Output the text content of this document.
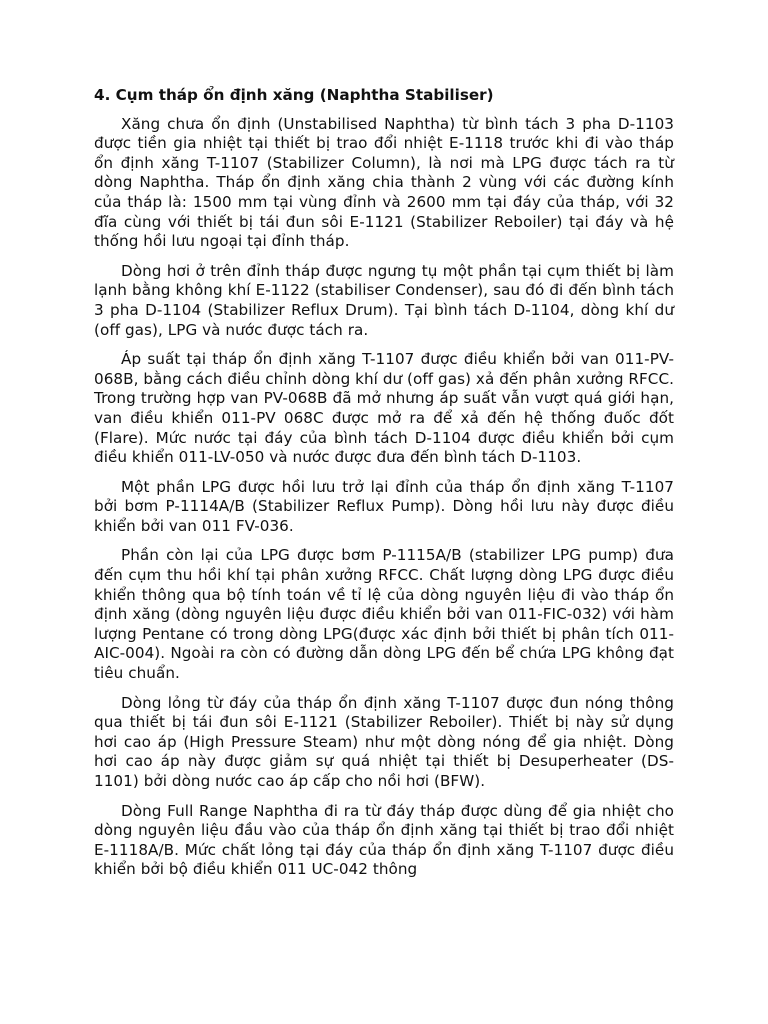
4. Cụm tháp ổn định xăng (Naphtha Stabiliser)

Xăng chưa ổn định (Unstabilised Naphtha) từ bình tách 3 pha D-1103 được tiền gia nhiệt tại thiết bị trao đổi nhiệt E-1118 trước khi đi vào tháp ổn định xăng T-1107 (Stabilizer Column), là nơi mà LPG được tách ra từ dòng Naphtha. Tháp ổn định xăng chia thành 2 vùng với các đường kính của tháp là: 1500 mm tại vùng đỉnh và 2600 mm tại đáy của tháp, với 32 đĩa cùng với thiết bị tái đun sôi E-1121 (Stabilizer Reboiler) tại đáy và hệ thống hồi lưu ngoại tại đỉnh tháp.

Dòng hơi ở trên đỉnh tháp được ngưng tụ một phần tại cụm thiết bị làm lạnh bằng không khí E-1122 (stabiliser Condenser), sau đó đi đến bình tách 3 pha D-1104 (Stabilizer Reflux Drum). Tại bình tách D-1104, dòng khí dư (off gas), LPG và nước được tách ra.

Áp suất tại tháp ổn định xăng T-1107 được điều khiển bởi van 011-PV-068B, bằng cách điều chỉnh dòng khí dư (off gas) xả đến phân xưởng RFCC. Trong trường hợp van PV-068B đã mở nhưng áp suất vẫn vượt quá giới hạn, van điều khiển 011-PV 068C được mở ra để xả đến hệ thống đuốc đốt (Flare). Mức nước tại đáy của bình tách D-1104 được điều khiển bởi cụm điều khiển 011-LV-050 và nước được đưa đến bình tách D-1103.

Một phần LPG được hồi lưu trở lại đỉnh của tháp ổn định xăng T-1107 bởi bơm P-1114A/B (Stabilizer Reflux Pump). Dòng hồi lưu này được điều khiển bởi van 011 FV-036.

Phần còn lại của LPG được bơm P-1115A/B (stabilizer LPG pump) đưa đến cụm thu hồi khí tại phân xưởng RFCC. Chất lượng dòng LPG được điều khiển thông qua bộ tính toán về tỉ lệ của dòng nguyên liệu đi vào tháp ổn định xăng (dòng nguyên liệu được điều khiển bởi van 011-FIC-032) với hàm lượng Pentane có trong dòng LPG(được xác định bởi thiết bị phân tích 011-AIC-004). Ngoài ra còn có đường dẫn dòng LPG đến bể chứa LPG không đạt tiêu chuẩn.

Dòng lỏng từ đáy của tháp ổn định xăng T-1107 được đun nóng thông qua thiết bị tái đun sôi E-1121 (Stabilizer Reboiler). Thiết bị này sử dụng hơi cao áp (High Pressure Steam) như một dòng nóng để gia nhiệt. Dòng hơi cao áp này được giảm sự quá nhiệt tại thiết bị Desuperheater (DS-1101) bởi dòng nước cao áp cấp cho nồi hơi (BFW).

Dòng Full Range Naphtha đi ra từ đáy tháp được dùng để gia nhiệt cho dòng nguyên liệu đầu vào của tháp ổn định xăng tại thiết bị trao đổi nhiệt E-1118A/B. Mức chất lỏng tại đáy của tháp ổn định xăng T-1107 được điều khiển bởi bộ điều khiển 011 UC-042 thông
